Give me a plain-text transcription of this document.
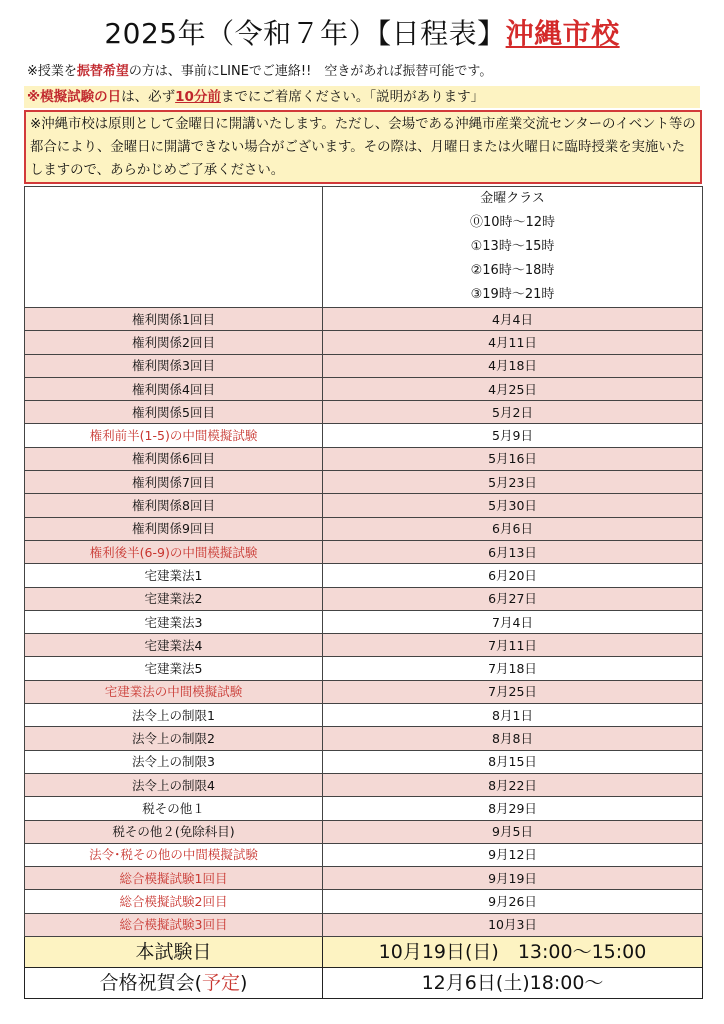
2025年（令和７年）【日程表】沖縄市校
※授業を振替希望の方は、事前にLINEでご連絡!!　空きがあれば振替可能です。
※模擬試験の日は、必ず10分前までにご着席ください。「説明があります」
※沖縄市校は原則として金曜日に開講いたします。ただし、会場である沖縄市産業交流センターのイベント等の都合により、金曜日に開講できない場合がございます。その際は、月曜日または火曜日に臨時授業を実施いたしますので、あらかじめご了承ください。

	金曜クラス
⓪10時～12時
①13時～15時
②16時～18時
③19時～21時

権利関係1回目	4月4日
権利関係2回目	4月11日
権利関係3回目	4月18日
権利関係4回目	4月25日
権利関係5回目	5月2日
権利前半(1-5)の中間模擬試験	5月9日
権利関係6回目	5月16日
権利関係7回目	5月23日
権利関係8回目	5月30日
権利関係9回目	6月6日
権利後半(6-9)の中間模擬試験	6月13日
宅建業法1	6月20日
宅建業法2	6月27日
宅建業法3	7月4日
宅建業法4	7月11日
宅建業法5	7月18日
宅建業法の中間模擬試験	7月25日
法令上の制限1	8月1日
法令上の制限2	8月8日
法令上の制限3	8月15日
法令上の制限4	8月22日
税その他１	8月29日
税その他２(免除科目)	9月5日
法令･税その他の中間模擬試験	9月12日
総合模擬試験1回目	9月19日
総合模擬試験2回目	9月26日
総合模擬試験3回目	10月3日
本試験日	10月19日(日)　13:00～15:00
合格祝賀会(予定)	12月6日(土)18:00～
